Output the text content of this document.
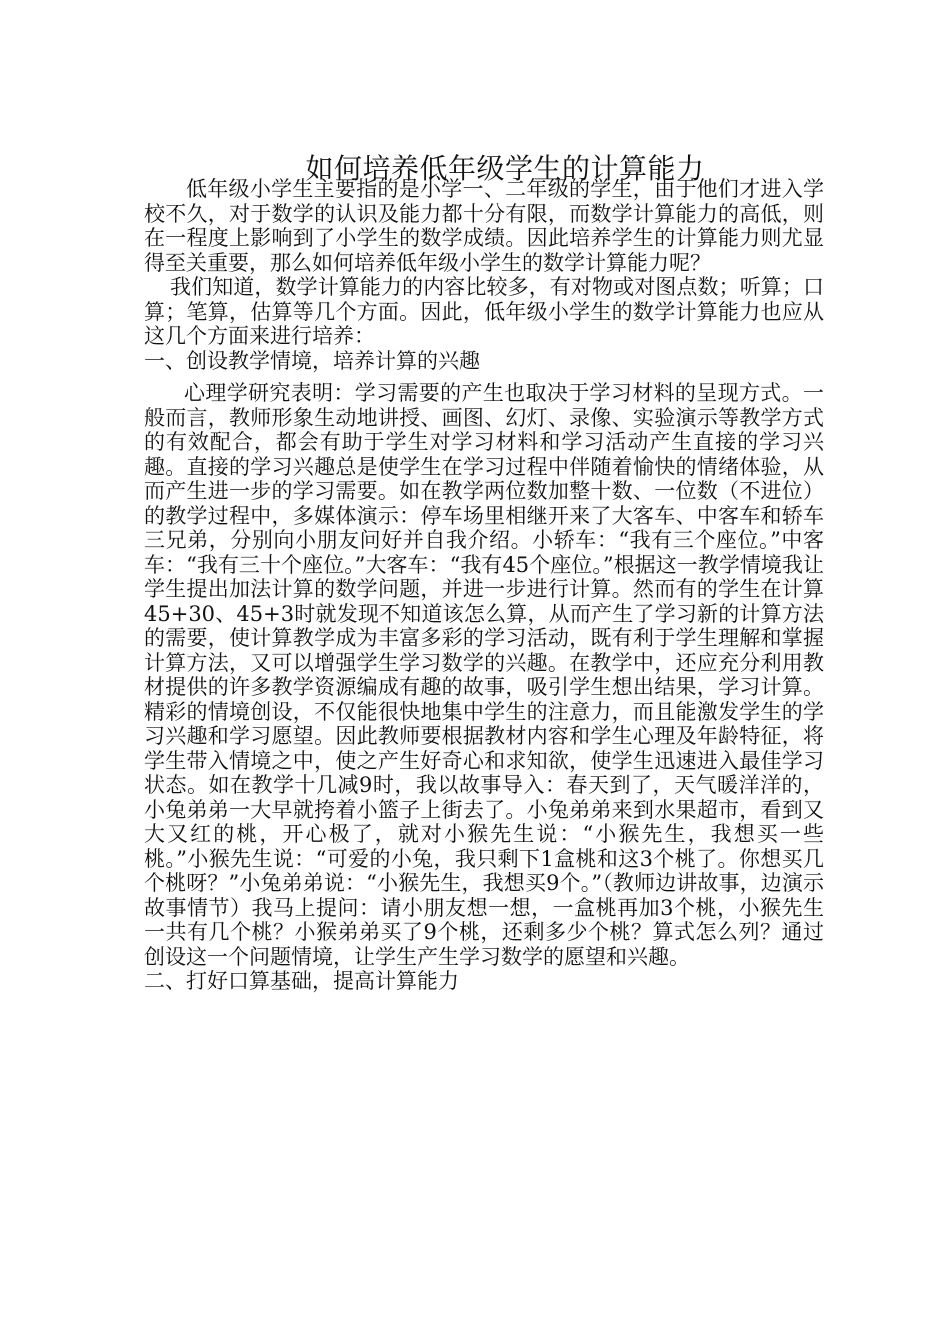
如何培养低年级学生的计算能力

低年级小学生主要指的是小学一、二年级的学生，由于他们才进入学校不久，对于数学的认识及能力都十分有限，而数学计算能力的高低，则在一程度上影响到了小学生的数学成绩。因此培养学生的计算能力则尤显得至关重要，那么如何培养低年级小学生的数学计算能力呢？

我们知道，数学计算能力的内容比较多，有对物或对图点数；听算；口算；笔算，估算等几个方面。因此，低年级小学生的数学计算能力也应从这几个方面来进行培养：

一、创设教学情境，培养计算的兴趣

心理学研究表明：学习需要的产生也取决于学习材料的呈现方式。一般而言，教师形象生动地讲授、画图、幻灯、录像、实验演示等教学方式的有效配合，都会有助于学生对学习材料和学习活动产生直接的学习兴趣。直接的学习兴趣总是使学生在学习过程中伴随着愉快的情绪体验，从而产生进一步的学习需要。如在教学两位数加整十数、一位数（不进位）的教学过程中，多媒体演示：停车场里相继开来了大客车、中客车和轿车三兄弟，分别向小朋友问好并自我介绍。小轿车：“我有三个座位。”中客车：“我有三十个座位。”大客车：“我有45个座位。”根据这一教学情境我让学生提出加法计算的数学问题，并进一步进行计算。然而有的学生在计算45+30、45+3时就发现不知道该怎么算，从而产生了学习新的计算方法的需要，使计算教学成为丰富多彩的学习活动，既有利于学生理解和掌握计算方法，又可以增强学生学习数学的兴趣。在教学中，还应充分利用教材提供的许多教学资源编成有趣的故事，吸引学生想出结果，学习计算。精彩的情境创设，不仅能很快地集中学生的注意力，而且能激发学生的学习兴趣和学习愿望。因此教师要根据教材内容和学生心理及年龄特征，将学生带入情境之中，使之产生好奇心和求知欲，使学生迅速进入最佳学习状态。如在教学十几减9时，我以故事导入：春天到了，天气暖洋洋的，小兔弟弟一大早就挎着小篮子上街去了。小兔弟弟来到水果超市，看到又大又红的桃，开心极了，就对小猴先生说：“小猴先生，我想买一些桃。”小猴先生说：“可爱的小兔，我只剩下1盒桃和这3个桃了。你想买几个桃呀？”小兔弟弟说：“小猴先生，我想买9个。”（教师边讲故事，边演示故事情节）我马上提问：请小朋友想一想，一盒桃再加3个桃，小猴先生一共有几个桃？小猴弟弟买了9个桃，还剩多少个桃？算式怎么列？通过创设这一个问题情境，让学生产生学习数学的愿望和兴趣。

二、打好口算基础，提高计算能力
